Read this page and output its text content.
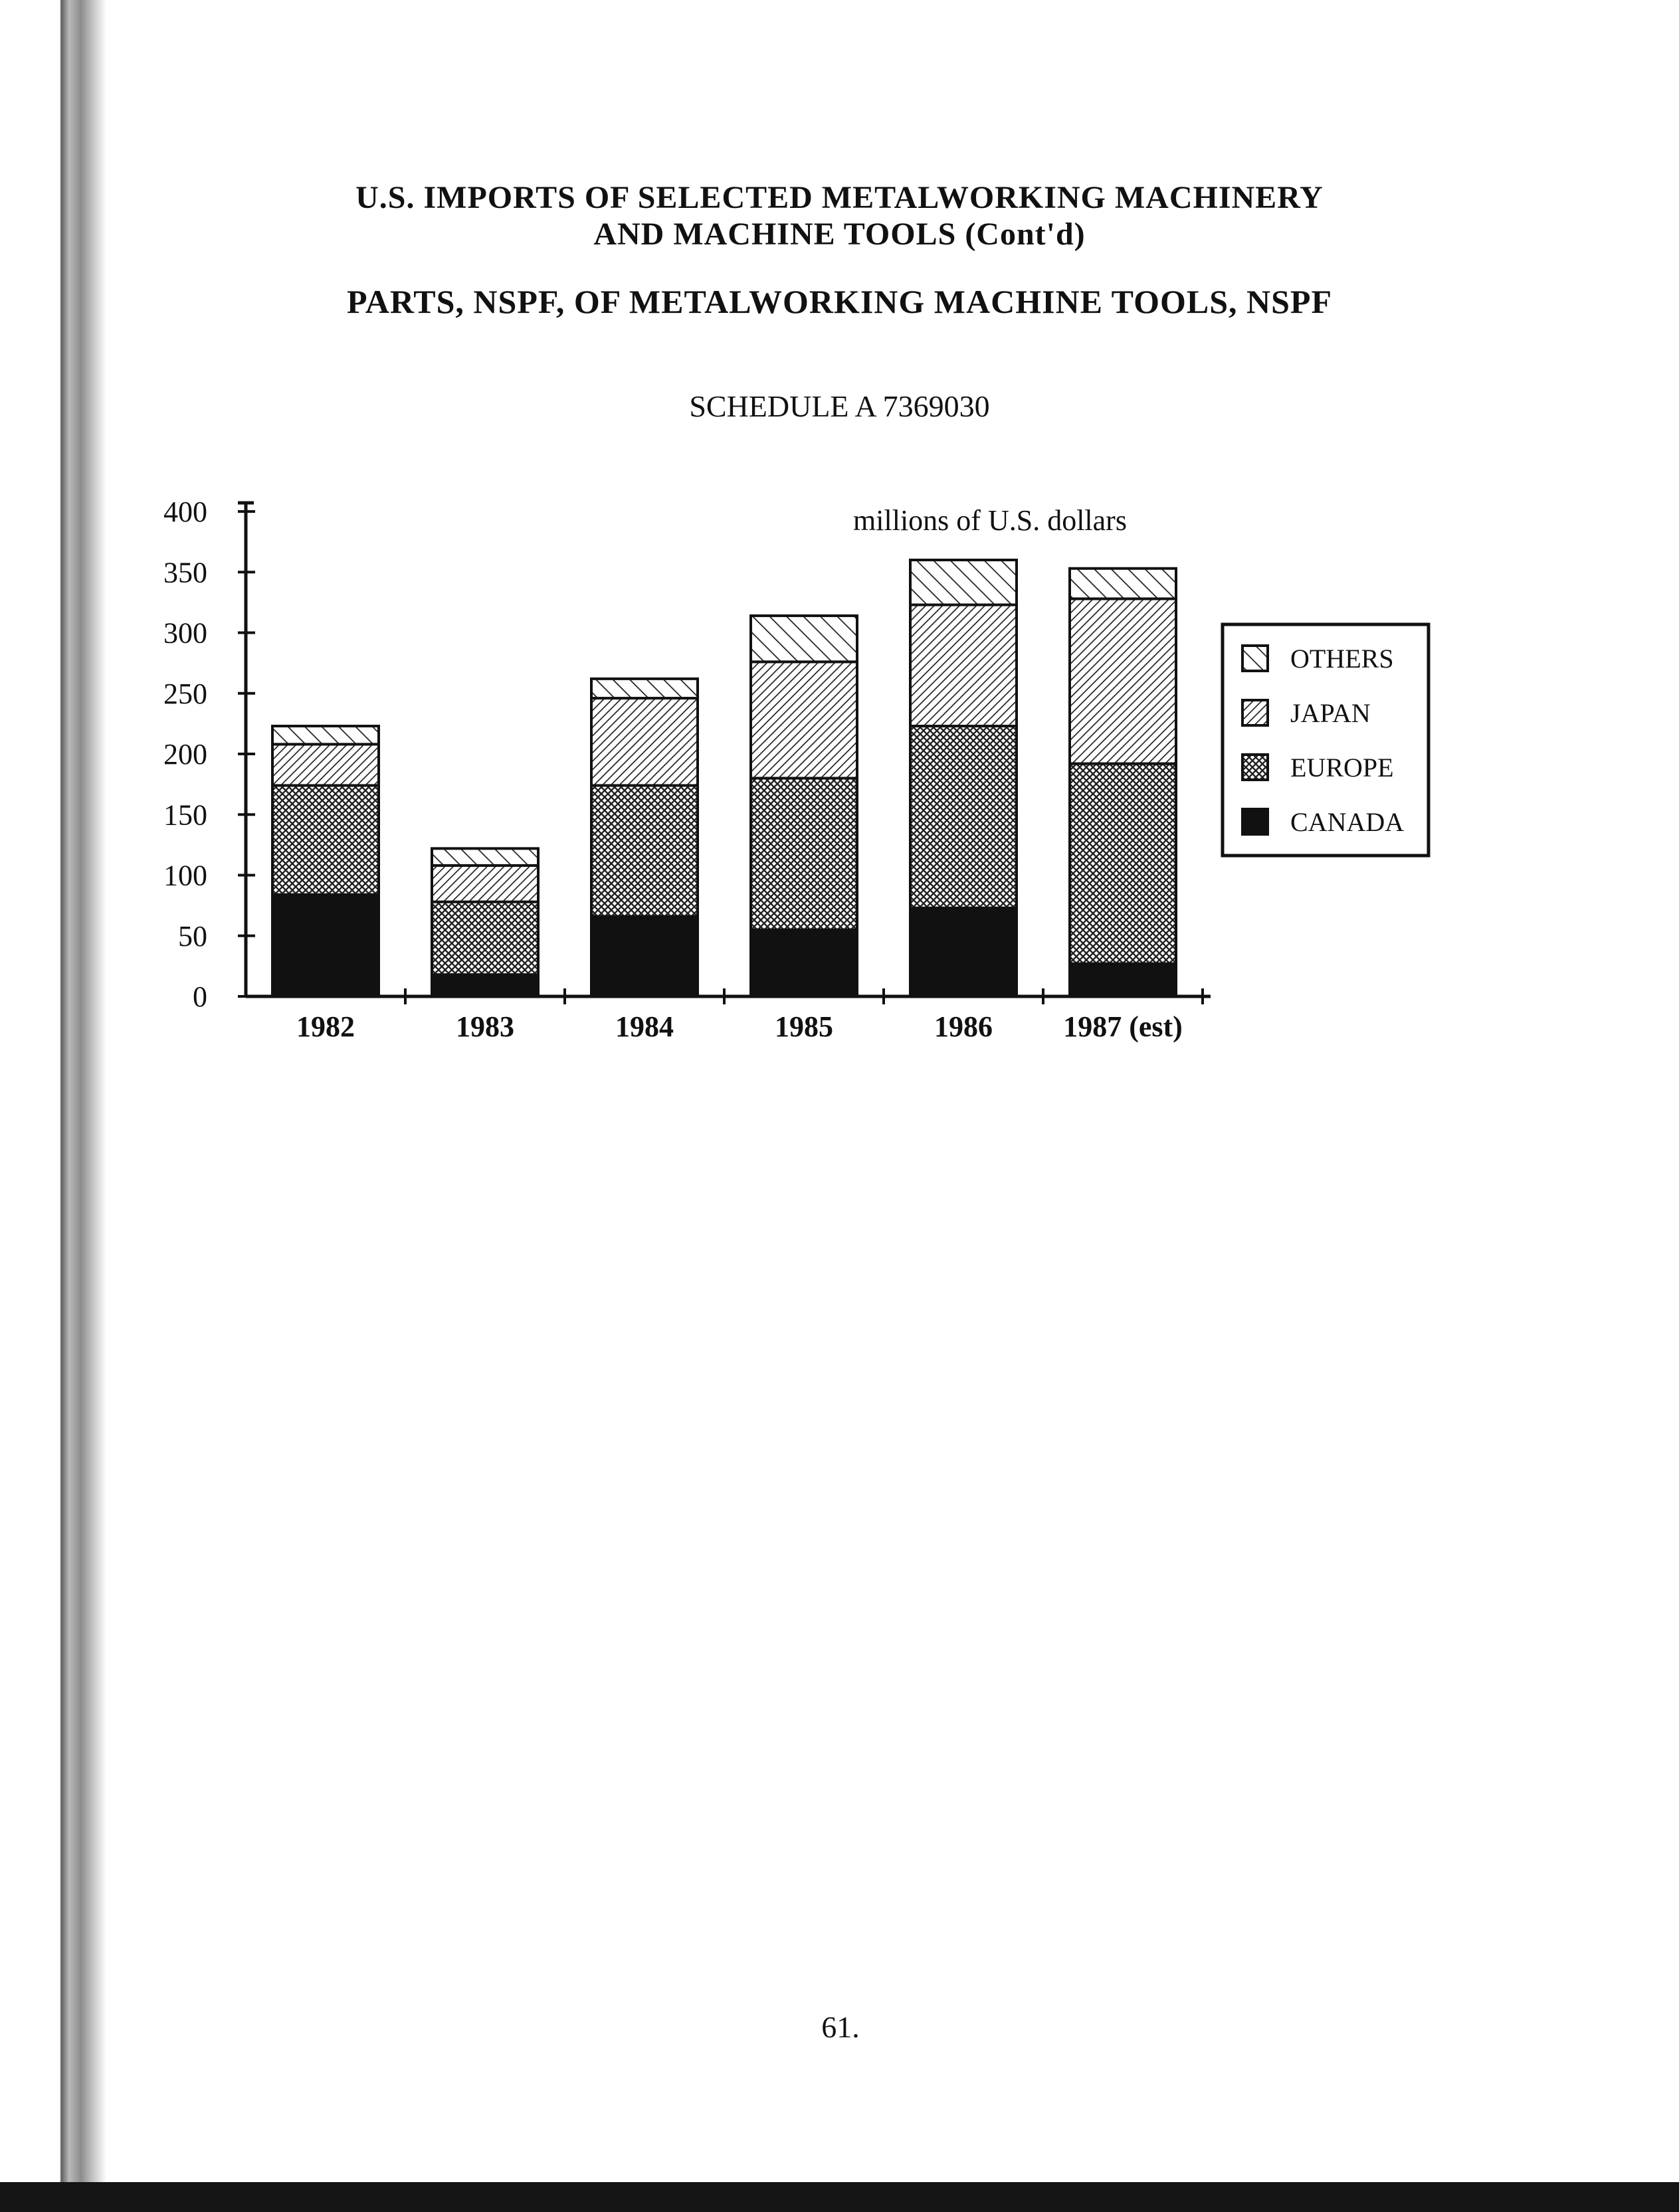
U.S. IMPORTS OF SELECTED METALWORKING MACHINERY
AND MACHINE TOOLS (Cont'd)
PARTS, NSPF, OF METALWORKING MACHINE TOOLS, NSPF
SCHEDULE A 7369030
0
50
100
150
200
250
300
350
400
1982	1983	1984	1985	1986 1987 (est)
millions of U.S. dollars
OTHERS
JAPAN
EUROPE
CANADA
61.
